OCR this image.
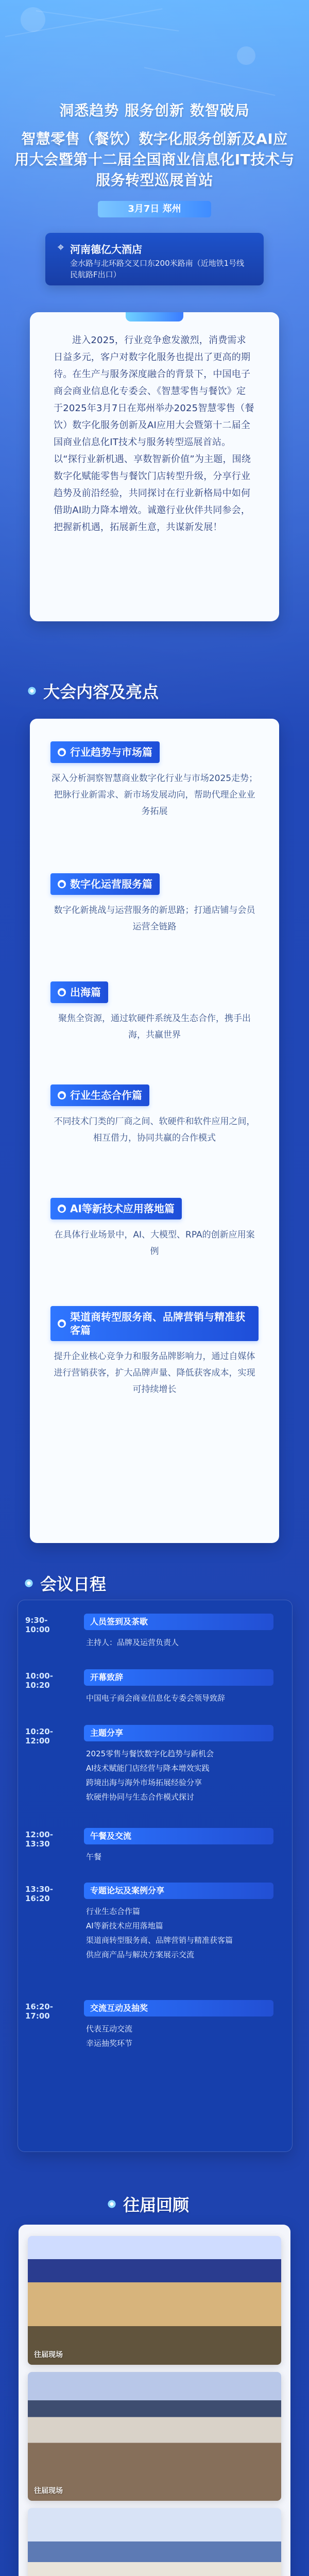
洞悉趋势 服务创新 数智破局
智慧零售（餐饮）数字化服务创新及AI应用大会暨第十二届全国商业信息化IT技术与服务转型巡展首站
3月7日 郑州
⌖ 河南德亿大酒店
金水路与北环路交叉口东200米路南（近地铁1号线民航路F出口）
进入2025，行业竞争愈发激烈，消费需求日益多元，客户对数字化服务也提出了更高的期待。在生产与服务深度融合的背景下，中国电子商会商业信息化专委会、《智慧零售与餐饮》定于2025年3月7日在郑州举办2025智慧零售（餐饮）数字化服务创新及AI应用大会暨第十二届全国商业信息化IT技术与服务转型巡展首站。以“探行业新机遇、享数智新价值”为主题，围绕数字化赋能零售与餐饮门店转型升级，分享行业趋势及前沿经验，共同探讨在行业新格局中如何借助AI助力降本增效。诚邀行业伙伴共同参会，把握新机遇，拓展新生意，共谋新发展！
大会内容及亮点
● 行业趋势与市场篇
深入分析洞察智慧商业数字化行业与市场2025走势；把脉行业新需求、新市场发展动向，帮助代理企业业务拓展
● 数字化运营服务篇
数字化新挑战与运营服务的新思路；打通店铺与会员运营全链路
● 出海篇
聚焦全资源，通过软硬件系统及生态合作，携手出海，共赢世界
● 行业生态合作篇
不同技术门类的厂商之间、软硬件和软件应用之间，相互借力，协同共赢的合作模式
● AI等新技术应用落地篇
在具体行业场景中，AI、大模型、RPA的创新应用案例
●
渠道商转型服务商、品牌营销与精准获客篇
提升企业核心竞争力和服务品牌影响力，通过自媒体进行营销获客，扩大品牌声量、降低获客成本，实现可持续增长
会议日程
9:30-10:00
人员签到及茶歇
主持人：品牌及运营负责人
10:00-10:20
开幕致辞
中国电子商会商业信息化专委会领导致辞
10:20-12:00
主题分享
2025零售与餐饮数字化趋势与新机会
AI技术赋能门店经营与降本增效实践
跨境出海与海外市场拓展经验分享
软硬件协同与生态合作模式探讨
12:00-13:30
午餐及交流
午餐
13:30-16:20
专题论坛及案例分享
行业生态合作篇
AI等新技术应用落地篇
渠道商转型服务商、品牌营销与精准获客篇
供应商产品与解决方案展示交流
16:20-17:00
交流互动及抽奖
代表互动交流
幸运抽奖环节
往届回顾
往届现场
往届现场
